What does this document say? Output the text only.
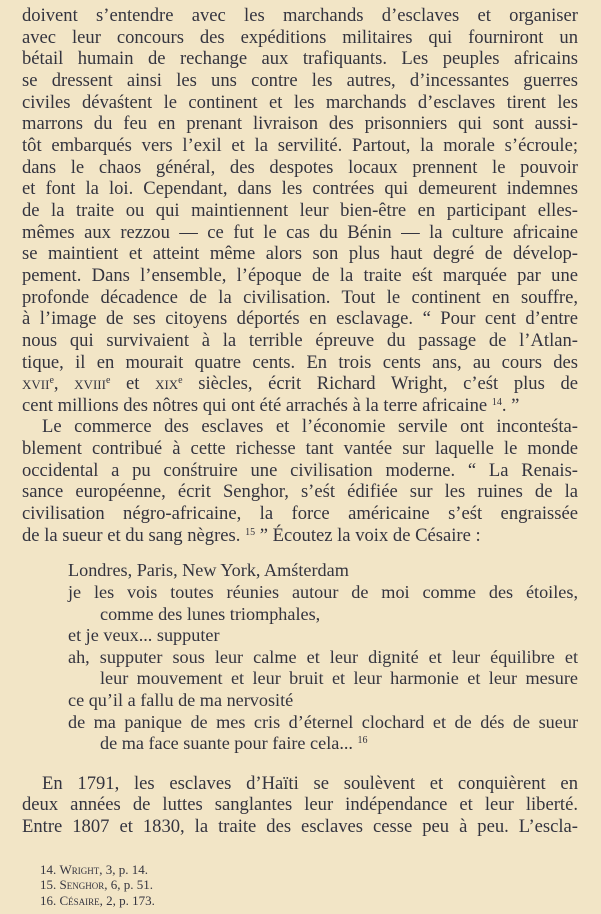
doivent s’entendre avec les marchands d’esclaves et organiser
avec leur concours des expéditions militaires qui fourniront un
bétail humain de rechange aux trafiquants. Les peuples africains
se dressent ainsi les uns contre les autres, d’incessantes guerres
civiles dévaśtent le continent et les marchands d’esclaves tirent les
marrons du feu en prenant livraison des prisonniers qui sont aussi-
tôt embarqués vers l’exil et la servilité. Partout, la morale s’écroule;
dans le chaos général, des despotes locaux prennent le pouvoir
et font la loi. Cependant, dans les contrées qui demeurent indemnes
de la traite ou qui maintiennent leur bien-être en participant elles-
mêmes aux rezzou — ce fut le cas du Bénin — la culture africaine
se maintient et atteint même alors son plus haut degré de dévelop-
pement. Dans l’ensemble, l’époque de la traite eśt marquée par une
profonde décadence de la civilisation. Tout le continent en souffre,
à l’image de ses citoyens déportés en esclavage. “ Pour cent d’entre
nous qui survivaient à la terrible épreuve du passage de l’Atlan-
tique, il en mourait quatre cents. En trois cents ans, au cours des
xvii$^e$, xviii$^e$ et xix$^e$ siècles, écrit Richard Wright, c’eśt plus de
cent millions des nôtres qui ont été arrachés à la terre africaine $^{14}$. ”
Le commerce des esclaves et l’économie servile ont inconteśta-
blement contribué à cette richesse tant vantée sur laquelle le monde
occidental a pu conśtruire une civilisation moderne. “ La Renais-
sance européenne, écrit Senghor, s’eśt édifiée sur les ruines de la
civilisation négro-africaine, la force américaine s’eśt engraissée
de la sueur et du sang nègres. $^{15}$ ” Écoutez la voix de Césaire :
Londres, Paris, New York, Amśterdam
je les vois toutes réunies autour de moi comme des étoiles,
comme des lunes triomphales,
et je veux... supputer
ah, supputer sous leur calme et leur dignité et leur équilibre et
leur mouvement et leur bruit et leur harmonie et leur mesure
ce qu’il a fallu de ma nervosité
de ma panique de mes cris d’éternel clochard et de dés de sueur
de ma face suante pour faire cela... $^{16}$
En 1791, les esclaves d’Haïti se soulèvent et conquièrent en
deux années de luttes sanglantes leur indépendance et leur liberté.
Entre 1807 et 1830, la traite des esclaves cesse peu à peu. L’escla-
14. Wright, 3, p. 14.
15. Senghor, 6, p. 51.
16. Césaire, 2, p. 173.
